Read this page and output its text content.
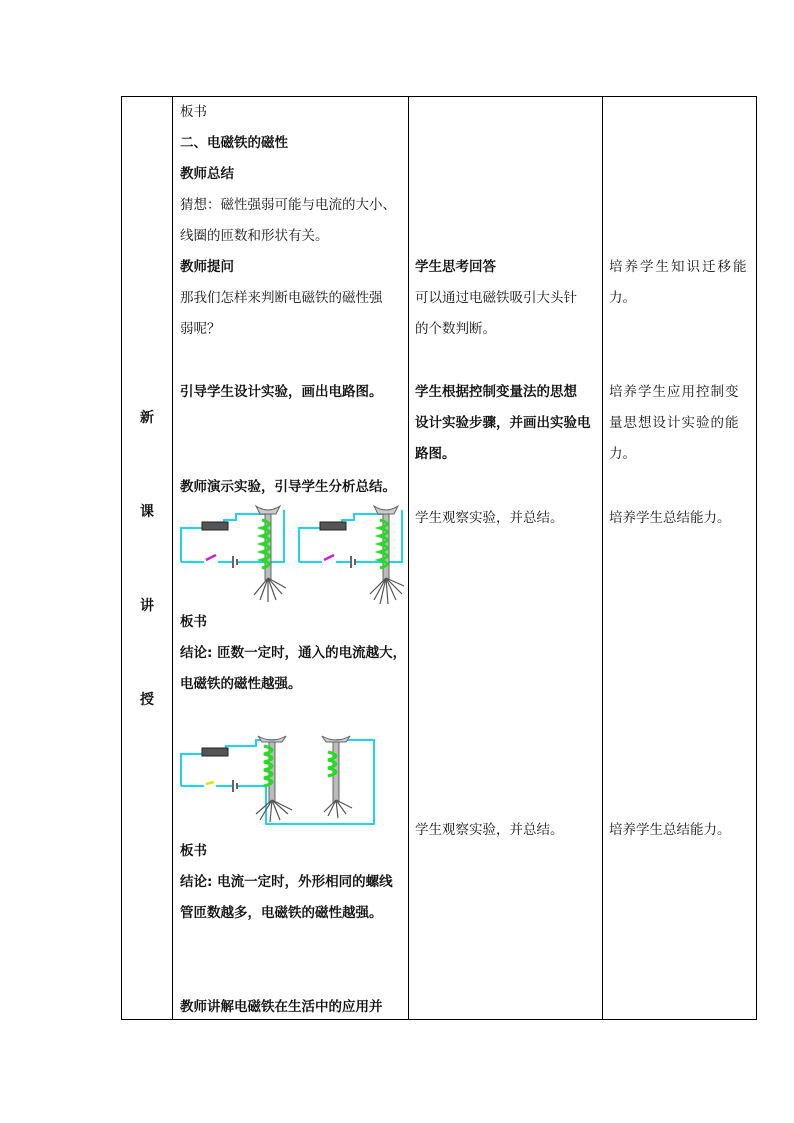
新
课
讲
授
板书
二、电磁铁的磁性
教师总结
猜想：磁性强弱可能与电流的大小、
线圈的匝数和形状有关。
教师提问
那我们怎样来判断电磁铁的磁性强
弱呢？
引导学生设计实验，画出电路图。
教师演示实验，引导学生分析总结。
板书
结论: 匝数一定时，通入的电流越大，
电磁铁的磁性越强。
板书
结论: 电流一定时，外形相同的螺线
管匝数越多，电磁铁的磁性越强。
教师讲解电磁铁在生活中的应用并
学生思考回答
可以通过电磁铁吸引大头针
的个数判断。
学生根据控制变量法的思想
设计实验步骤，并画出实验电
路图。
学生观察实验，并总结。
学生观察实验，并总结。
培养学生知识迁移能
力。
培养学生应用控制变
量思想设计实验的能
力。
培养学生总结能力。
培养学生总结能力。
